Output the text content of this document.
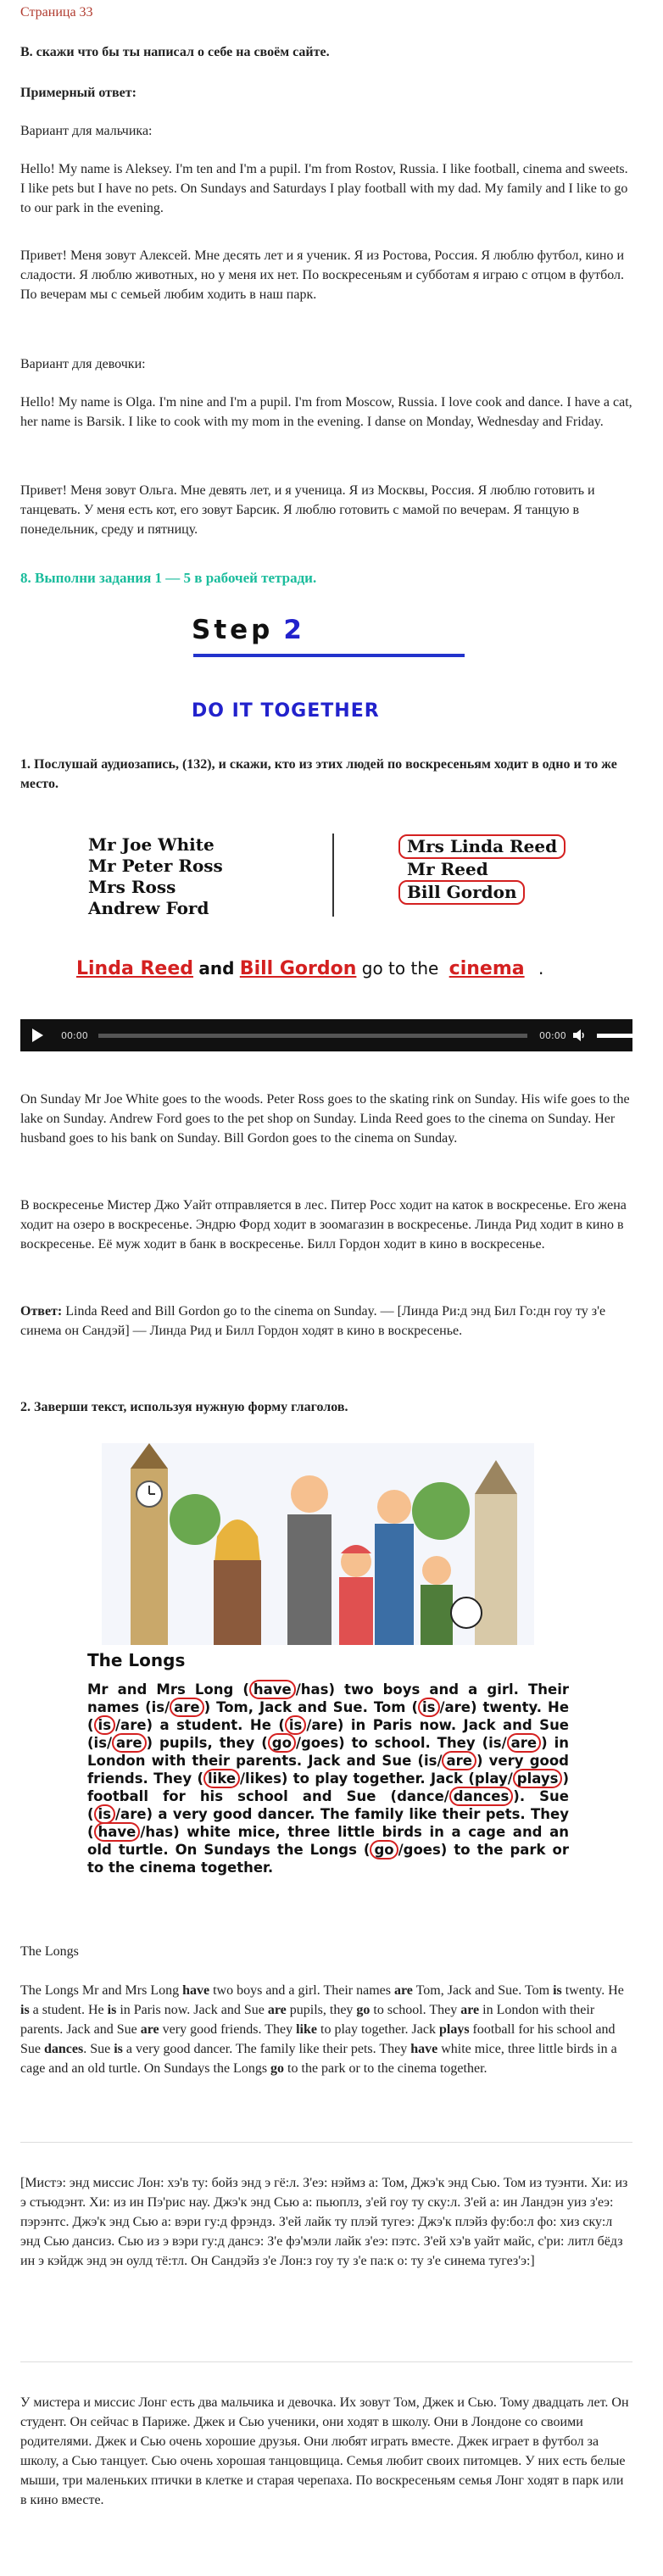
Страница 33

В. скажи что бы ты написал о себе на своём сайте.

Примерный ответ:

Вариант для мальчика:

Hello! My name is Aleksey. I'm ten and I'm a pupil. I'm from Rostov, Russia. I like football, cinema and sweets. I like pets but I have no pets. On Sundays and Saturdays I play football with my dad. My family and I like to go to our park in the evening.

Привет! Меня зовут Алексей. Мне десять лет и я ученик. Я из Ростова, Россия. Я люблю футбол, кино и сладости. Я люблю животных, но у меня их нет. По воскресеньям и субботам я играю с отцом в футбол. По вечерам мы с семьей любим ходить в наш парк.

Вариант для девочки:

Hello! My name is Olga. I'm nine and I'm a pupil. I'm from Moscow, Russia. I love cook and dance. I have a cat, her name is Barsik. I like to cook with my mom in the evening. I danse on Monday, Wednesday and Friday.

Привет! Меня зовут Ольга. Мне девять лет, и я ученица. Я из Москвы, Россия. Я люблю готовить и танцевать. У меня есть кот, его зовут Барсик. Я люблю готовить с мамой по вечерам. Я танцую в понедельник, среду и пятницу.

8. Выполни задания 1 — 5 в рабочей тетради.

Step 2
DO IT TOGETHER

1. Послушай аудиозапись, (132), и скажи, кто из этих людей по воскресеньям ходит в одно и то же место.

Mr Joe White
Mr Peter Ross
Mrs Ross
Andrew Ford
Mrs Linda Reed
Mr Reed
Bill Gordon
Linda Reed and Bill Gordon go to the cinema .
00:00	00:00

On Sunday Mr Joe White goes to the woods. Peter Ross goes to the skating rink on Sunday. His wife goes to the lake on Sunday. Andrew Ford goes to the pet shop on Sunday. Linda Reed goes to the cinema on Sunday. Her husband goes to his bank on Sunday. Bill Gordon goes to the cinema on Sunday.

В воскресенье Мистер Джо Уайт отправляется в лес. Питер Росс ходит на каток в воскресенье. Его жена ходит на озеро в воскресенье. Эндрю Форд ходит в зоомагазин в воскресенье. Линда Рид ходит в кино в воскресенье. Её муж ходит в банк в воскресенье. Билл Гордон ходит в кино в воскресенье.

Ответ: Linda Reed and Bill Gordon go to the cinema on Sunday. — [Линда Ри:д энд Бил Го:дн гоу ту з'е синема он Сандэй] — Линда Рид и Билл Гордон ходят в кино в воскресенье.

2. Заверши текст, используя нужную форму глаголов.

The Longs

Mr and Mrs Long ( have /has) two boys and a girl. Their names (is/ are ) Tom, Jack and Sue. Tom ( is /are) twenty. He ( is /are) a student. He ( is /are) in Paris now. Jack and Sue (is/ are ) pupils, they ( go /goes) to school. They (is/ are ) in London with their parents. Jack and Sue (is/ are ) very good friends. They ( like /likes) to play together. Jack (play/ plays ) football for his school and Sue (dance/ dances ). Sue ( is /are) a very good dancer. The family like their pets. They ( have /has) white mice, three little birds in a cage and an old turtle. On Sundays the Longs ( go /goes) to the park or to the cinema together.

The Longs

The Longs Mr and Mrs Long have two boys and a girl. Their names are Tom, Jack and Sue. Tom is twenty. He is a student. He is in Paris now. Jack and Sue are pupils, they go to school. They are in London with their parents. Jack and Sue are very good friends. They like to play together. Jack plays football for his school and Sue dances. Sue is a very good dancer. The family like their pets. They have white mice, three little birds in a cage and an old turtle. On Sundays the Longs go to the park or to the cinema together.

[Мистэ: энд миссис Лон: хэ'в ту: бойз энд э гё:л. З'еэ: нэймз а: Том, Джэ'к энд Сью. Том из туэнти. Хи: из э стьюдэнт. Хи: из ин Пэ'рис нау. Джэ'к энд Сью а: пьюплз, з'ей гоу ту ску:л. З'ей а: ин Ландэн уиз з'еэ: пэрэнтс. Джэ'к энд Сью а: вэри гу:д фрэндз. З'ей лайк ту плэй тугеэ: Джэ'к плэйз фу:бо:л фо: хиз ску:л энд Сью дансиз. Сью из э вэри гу:д дансэ: З'е фэ'мэли лайк з'еэ: пэтс. З'ей хэ'в уайт майс, с'ри: литл бёдз ин э кэйдж энд эн оулд тё:тл. Он Сандэйз з'е Лон:з гоу ту з'е па:к о: ту з'е синема тугез'э:]

У мистера и миссис Лонг есть два мальчика и девочка. Их зовут Том, Джек и Сью. Тому двадцать лет. Он студент. Он сейчас в Париже. Джек и Сью ученики, они ходят в школу. Они в Лондоне со своими родителями. Джек и Сью очень хорошие друзья. Они любят играть вместе. Джек играет в футбол за школу, а Сью танцует. Сью очень хорошая танцовщица. Семья любит своих питомцев. У них есть белые мыши, три маленьких птички в клетке и старая черепаха. По воскресеньям семья Лонг ходят в парк или в кино вместе.
